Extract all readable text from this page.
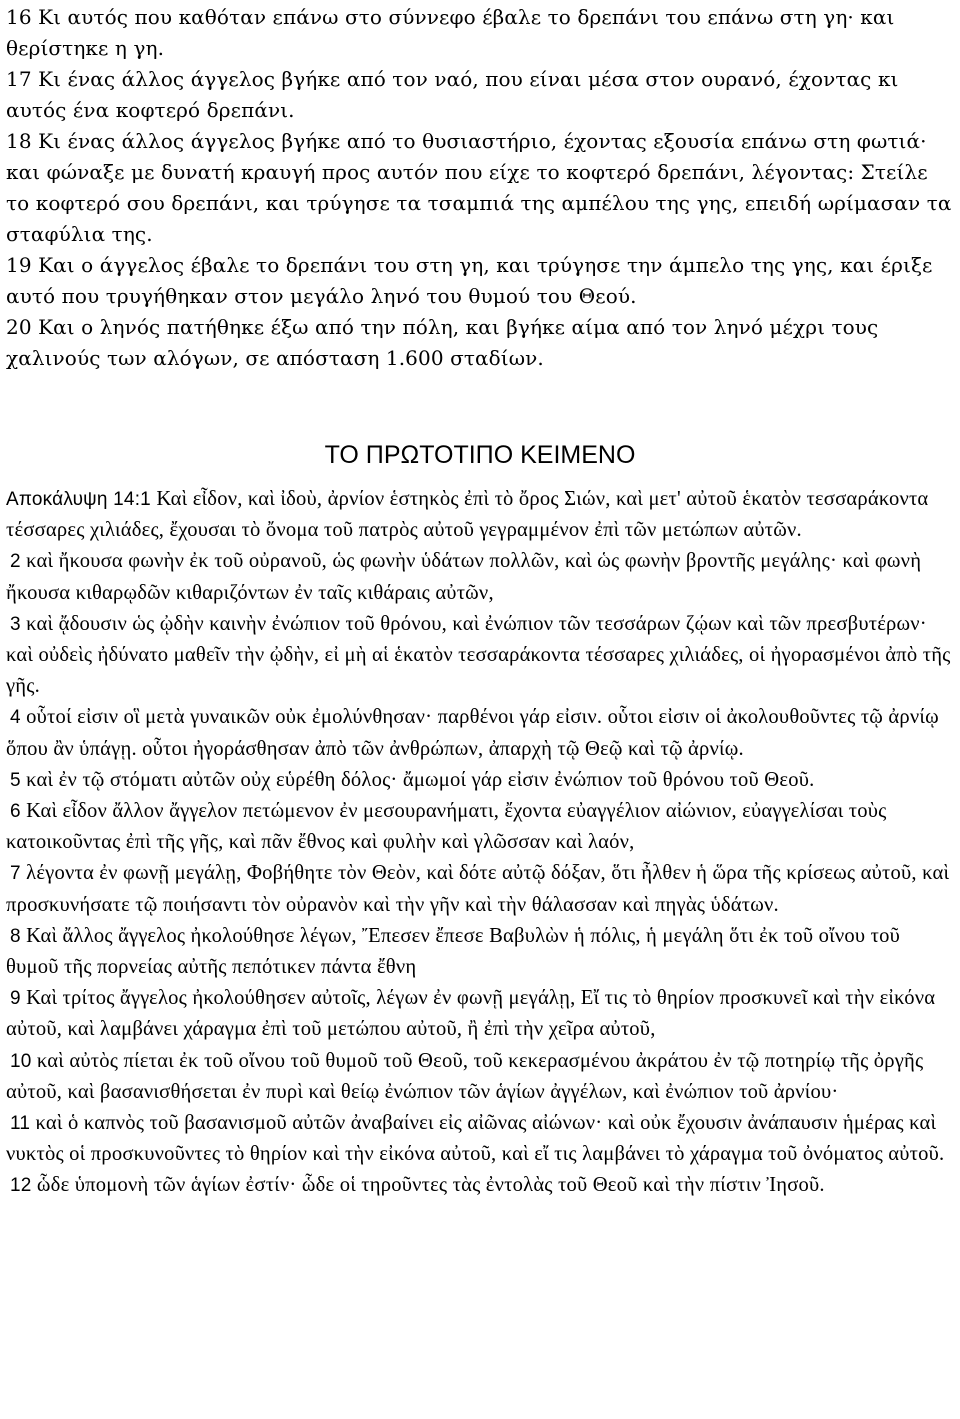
16 Κι αυτός που καθόταν επάνω στο σύννεφο έβαλε το δρεπάνι του επάνω στη γη· και θερίστηκε η γη.

17 Κι ένας άλλος άγγελος βγήκε από τον ναό, που είναι μέσα στον ουρανό, έχοντας κι αυτός ένα κοφτερό δρεπάνι.

18 Κι ένας άλλος άγγελος βγήκε από το θυσιαστήριο, έχοντας εξουσία επάνω στη φωτιά· και φώναξε με δυνατή κραυγή προς αυτόν που είχε το κοφτερό δρεπάνι, λέγοντας: Στείλε το κοφτερό σου δρεπάνι, και τρύγησε τα τσαμπιά της αμπέλου της γης, επειδή ωρίμασαν τα σταφύλια της.

19 Και ο άγγελος έβαλε το δρεπάνι του στη γη, και τρύγησε την άμπελο της γης, και έριξε αυτό που τρυγήθηκαν στον μεγάλο ληνό του θυμού του Θεού.

20 Και ο ληνός πατήθηκε έξω από την πόλη, και βγήκε αίμα από τον ληνό μέχρι τους χαλινούς των αλόγων, σε απόσταση 1.600 σταδίων.

ΤΟ ΠΡΩΤΟΤΙΠΟ ΚΕΙΜΕΝΟ

Αποκάλυψη 14:1 Καὶ εἶδον, καὶ ἰδοὺ, ἀρνίον ἑστηκὸς ἐπὶ τὸ ὄρος Σιών, καὶ μετ' αὐτοῦ ἑκατὸν τεσσαράκοντα τέσσαρες χιλιάδες, ἔχουσαι τὸ ὄνομα τοῦ πατρὸς αὐτοῦ γεγραμμένον ἐπὶ τῶν μετώπων αὐτῶν.

2 καὶ ἤκουσα φωνὴν ἐκ τοῦ οὐρανοῦ, ὡς φωνὴν ὑδάτων πολλῶν, καὶ ὡς φωνὴν βροντῆς μεγάλης· καὶ φωνὴ ἤκουσα κιθαρῳδῶν κιθαριζόντων ἐν ταῖς κιθάραις αὐτῶν,

3 καὶ ᾄδουσιν ὡς ᾠδὴν καινὴν ἐνώπιον τοῦ θρόνου, καὶ ἐνώπιον τῶν τεσσάρων ζῴων καὶ τῶν πρεσβυτέρων· καὶ οὐδεὶς ἠδύνατο μαθεῖν τὴν ᾠδὴν, εἰ μὴ αἱ ἑκατὸν τεσσαράκοντα τέσσαρες χιλιάδες, οἱ ἠγορασμένοι ἀπὸ τῆς γῆς.

4 οὗτοί εἰσιν οἳ μετὰ γυναικῶν οὐκ ἐμολύνθησαν· παρθένοι γάρ εἰσιν. οὗτοι εἰσιν οἱ ἀκολουθοῦντες τῷ ἀρνίῳ ὅπου ἂν ὑπάγῃ. οὗτοι ἠγοράσθησαν ἀπὸ τῶν ἀνθρώπων, ἀπαρχὴ τῷ Θεῷ καὶ τῷ ἀρνίῳ.

5 καὶ ἐν τῷ στόματι αὐτῶν οὐχ εὑρέθη δόλος· ἄμωμοί γάρ εἰσιν ἐνώπιον τοῦ θρόνου τοῦ Θεοῦ.

6 Καὶ εἶδον ἄλλον ἄγγελον πετώμενον ἐν μεσουρανήματι, ἔχοντα εὐαγγέλιον αἰώνιον, εὐαγγελίσαι τοὺς κατοικοῦντας ἐπὶ τῆς γῆς, καὶ πᾶν ἔθνος καὶ φυλὴν καὶ γλῶσσαν καὶ λαόν,

7 λέγοντα ἐν φωνῇ μεγάλῃ, Φοβήθητε τὸν Θεὸν, καὶ δότε αὐτῷ δόξαν, ὅτι ἦλθεν ἡ ὥρα τῆς κρίσεως αὐτοῦ, καὶ προσκυνήσατε τῷ ποιήσαντι τὸν οὐρανὸν καὶ τὴν γῆν καὶ τὴν θάλασσαν καὶ πηγὰς ὑδάτων.

8 Καὶ ἄλλος ἄγγελος ἠκολούθησε λέγων, Ἔπεσεν ἔπεσε Βαβυλὼν ἡ πόλις, ἡ μεγάλη ὅτι ἐκ τοῦ οἴνου τοῦ θυμοῦ τῆς πορνείας αὐτῆς πεπότικεν πάντα ἔθνη

9 Καὶ τρίτος ἄγγελος ἠκολούθησεν αὐτοῖς, λέγων ἐν φωνῇ μεγάλῃ, Εἴ τις τὸ θηρίον προσκυνεῖ καὶ τὴν εἰκόνα αὐτοῦ, καὶ λαμβάνει χάραγμα ἐπὶ τοῦ μετώπου αὐτοῦ, ἢ ἐπὶ τὴν χεῖρα αὐτοῦ,

10 καὶ αὐτὸς πίεται ἐκ τοῦ οἴνου τοῦ θυμοῦ τοῦ Θεοῦ, τοῦ κεκερασμένου ἀκράτου ἐν τῷ ποτηρίῳ τῆς ὀργῆς αὐτοῦ, καὶ βασανισθήσεται ἐν πυρὶ καὶ θείῳ ἐνώπιον τῶν ἁγίων ἀγγέλων, καὶ ἐνώπιον τοῦ ἀρνίου·

11 καὶ ὁ καπνὸς τοῦ βασανισμοῦ αὐτῶν ἀναβαίνει εἰς αἰῶνας αἰώνων· καὶ οὐκ ἔχουσιν ἀνάπαυσιν ἡμέρας καὶ νυκτὸς οἱ προσκυνοῦντες τὸ θηρίον καὶ τὴν εἰκόνα αὐτοῦ, καὶ εἴ τις λαμβάνει τὸ χάραγμα τοῦ ὀνόματος αὐτοῦ.

12 ὧδε ὑπομονὴ τῶν ἁγίων ἐστίν· ὧδε οἱ τηροῦντες τὰς ἐντολὰς τοῦ Θεοῦ καὶ τὴν πίστιν Ἰησοῦ.
